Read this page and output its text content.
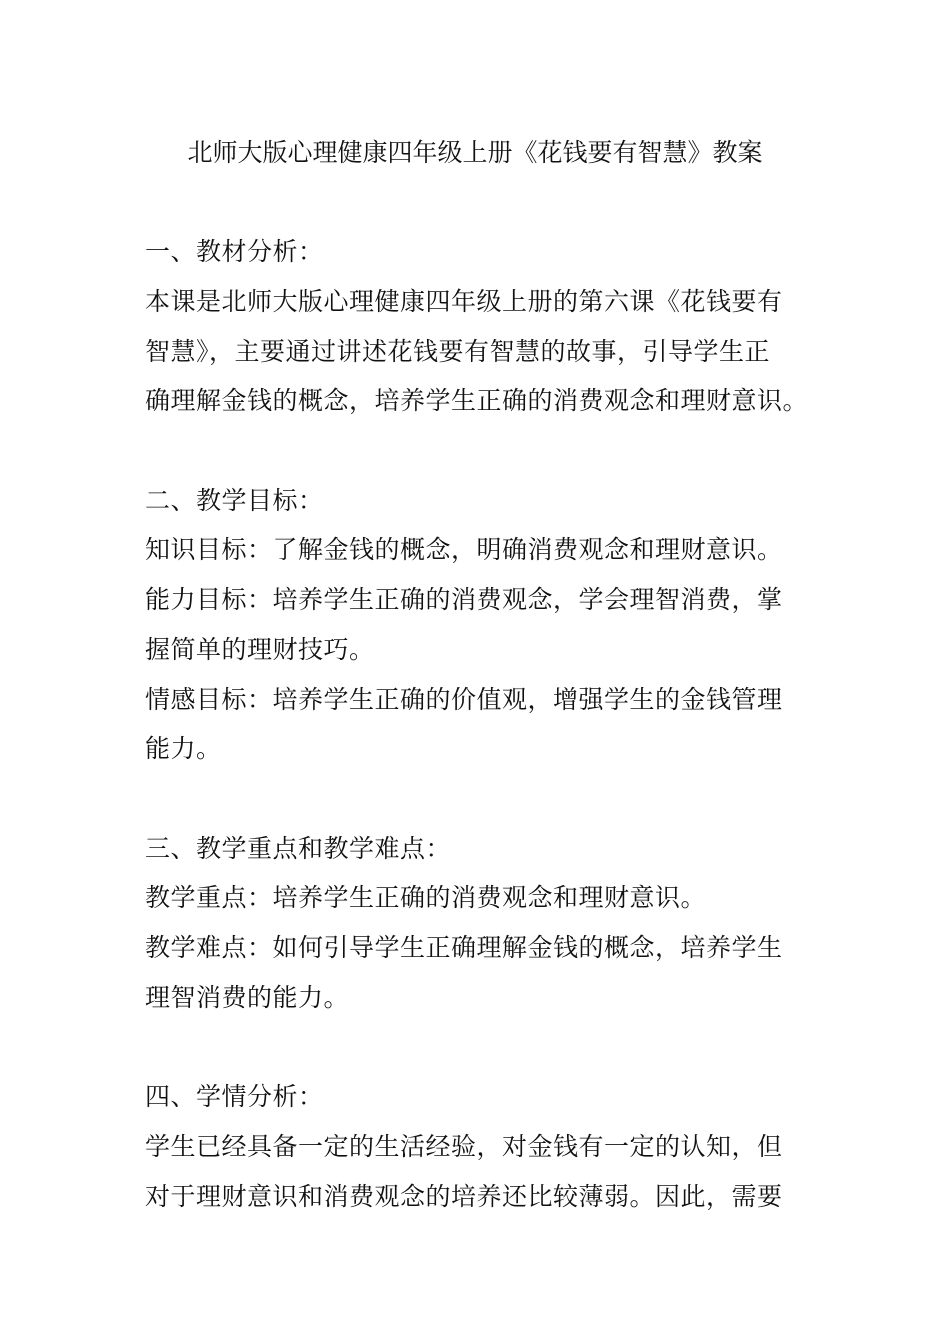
北师大版心理健康四年级上册《花钱要有智慧》教案
一、教材分析：
本课是北师大版心理健康四年级上册的第六课《花钱要有
智慧》，主要通过讲述花钱要有智慧的故事，引导学生正
确理解金钱的概念，培养学生正确的消费观念和理财意识。
二、教学目标：
知识目标：了解金钱的概念，明确消费观念和理财意识。
能力目标：培养学生正确的消费观念，学会理智消费，掌
握简单的理财技巧。
情感目标：培养学生正确的价值观，增强学生的金钱管理
能力。
三、教学重点和教学难点：
教学重点：培养学生正确的消费观念和理财意识。
教学难点：如何引导学生正确理解金钱的概念，培养学生
理智消费的能力。
四、学情分析：
学生已经具备一定的生活经验，对金钱有一定的认知，但
对于理财意识和消费观念的培养还比较薄弱。因此，需要
